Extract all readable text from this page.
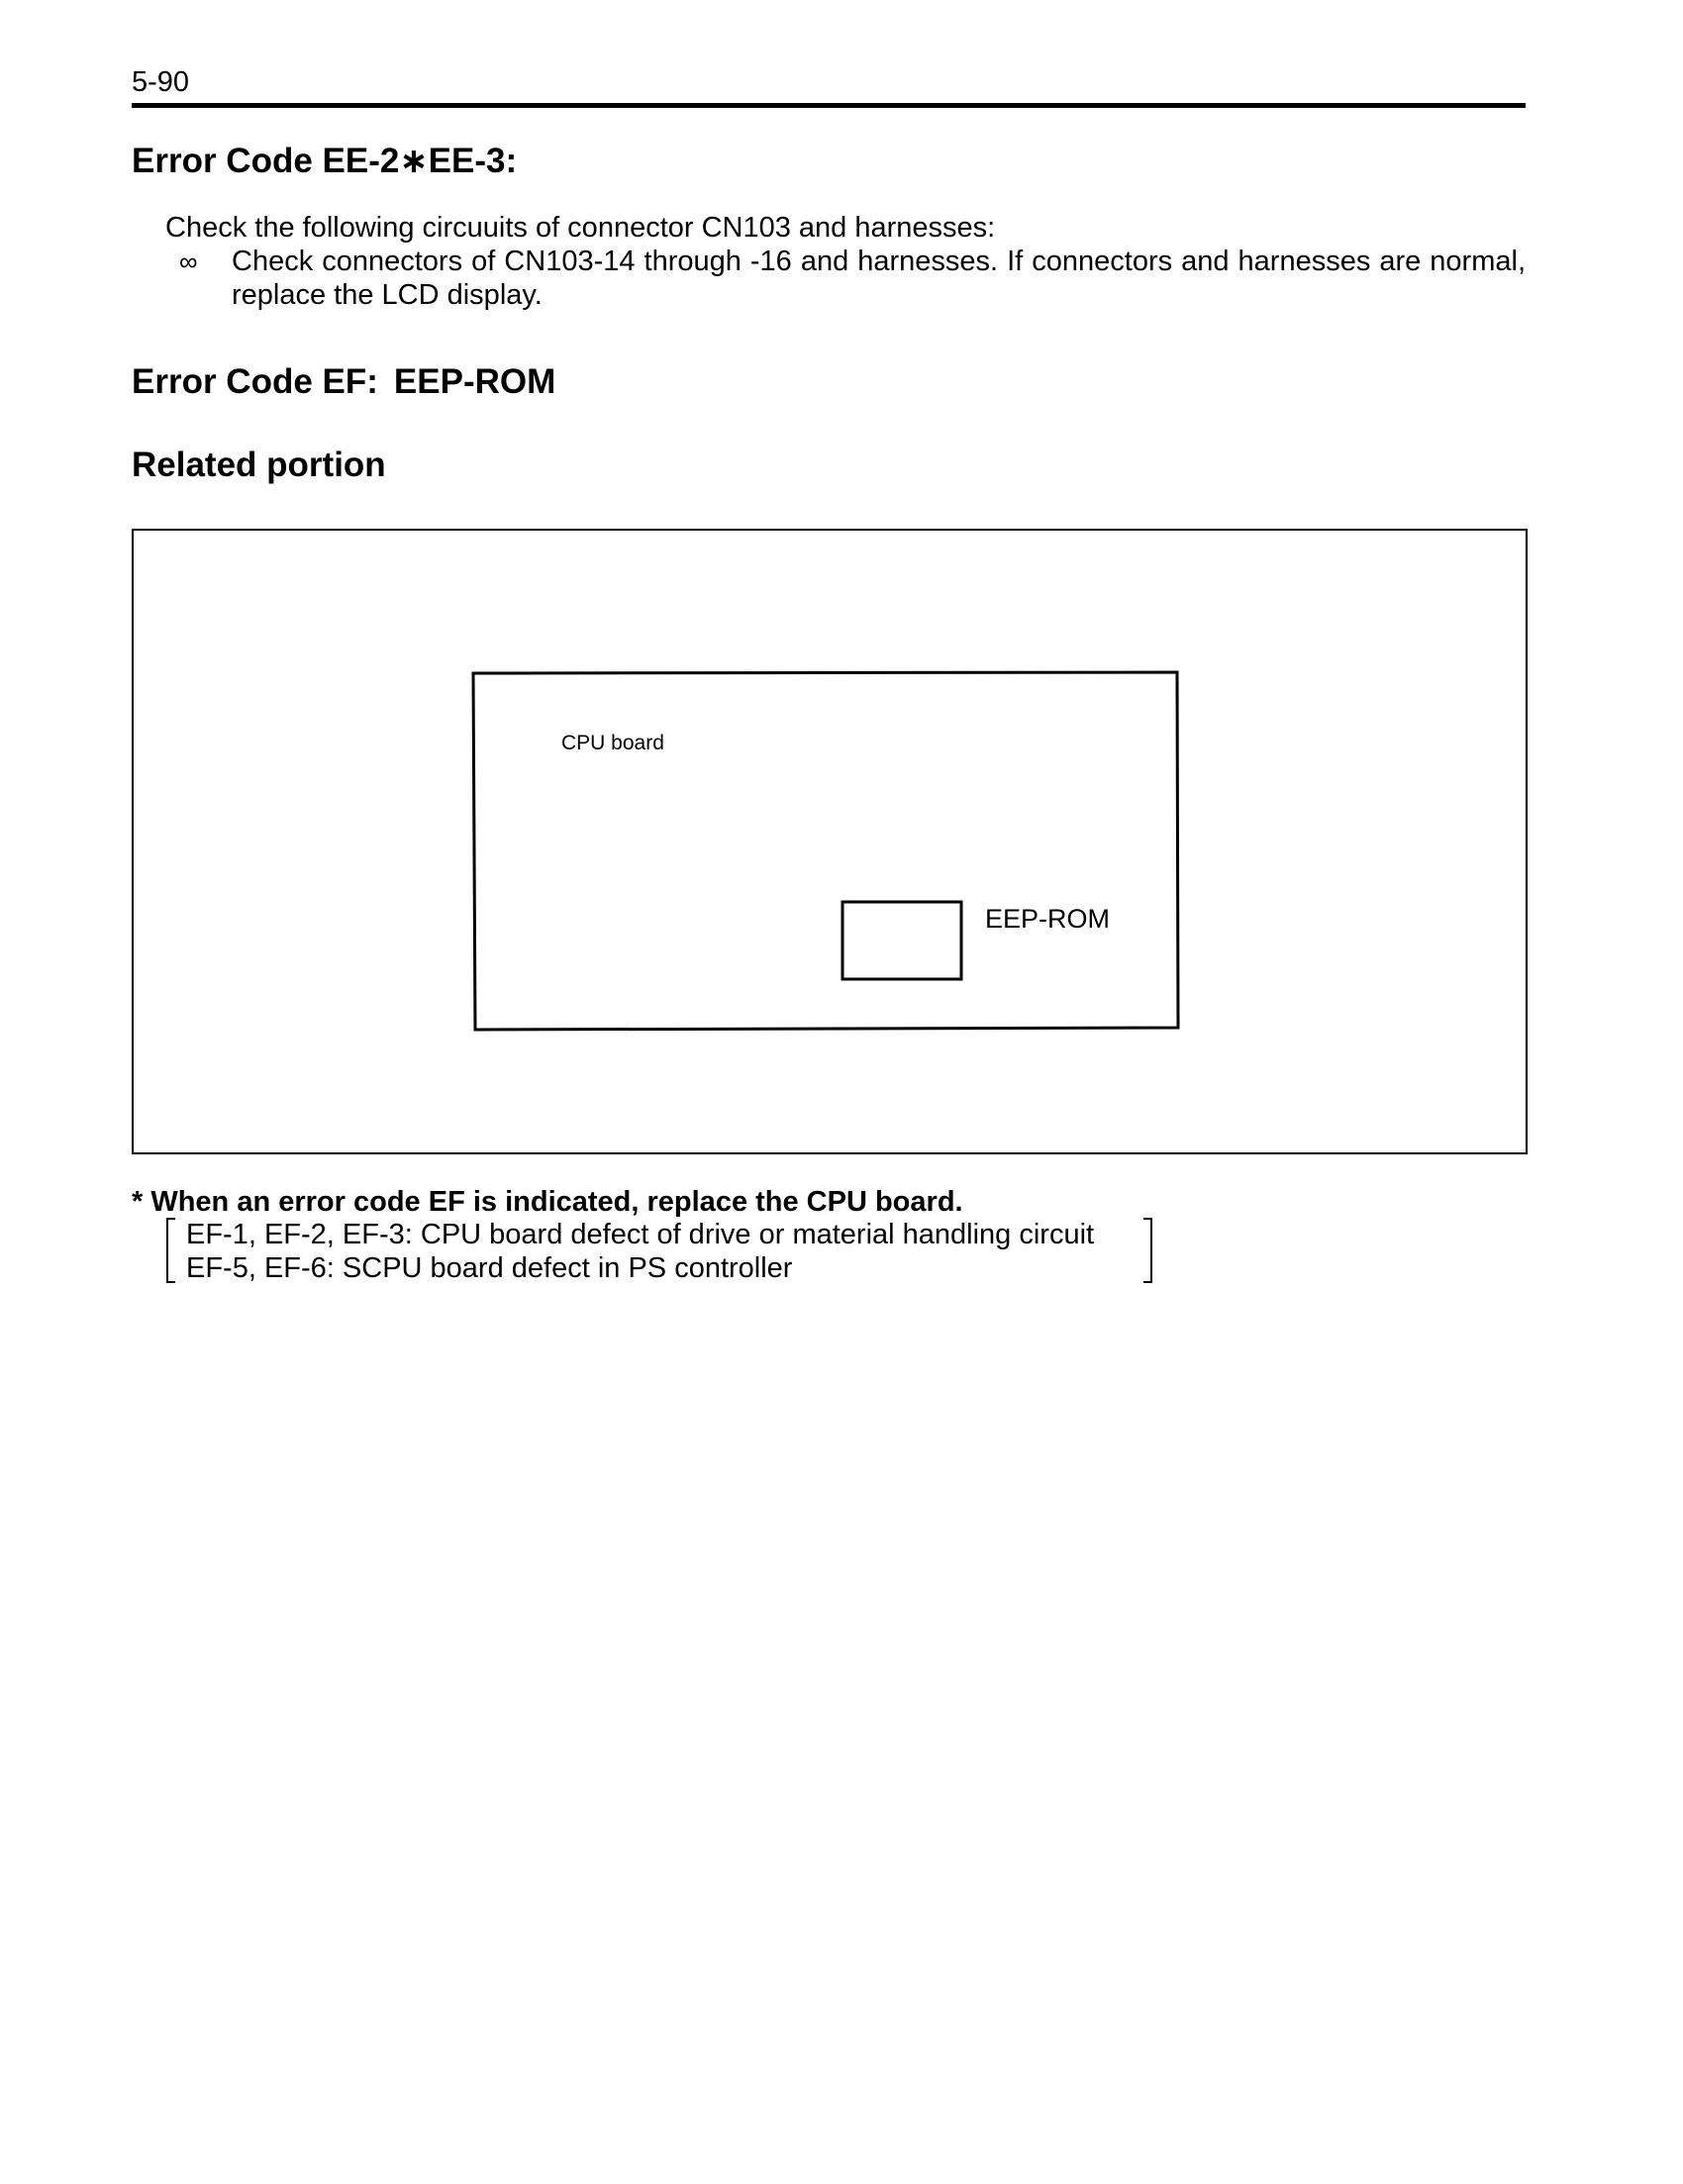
5-90
Error Code EE-2∗EE-3:
Check the following circuuits of connector CN103 and harnesses:
∞ Check connectors of CN103-14 through -16 and harnesses. If connectors and harnesses are normal, replace the LCD display.
Error Code EF: EEP-ROM
Related portion
CPU board
EEP-ROM
* When an error code EF is indicated, replace the CPU board.
EF-1, EF-2, EF-3: CPU board defect of drive or material handling circuit
EF-5, EF-6: SCPU board defect in PS controller
